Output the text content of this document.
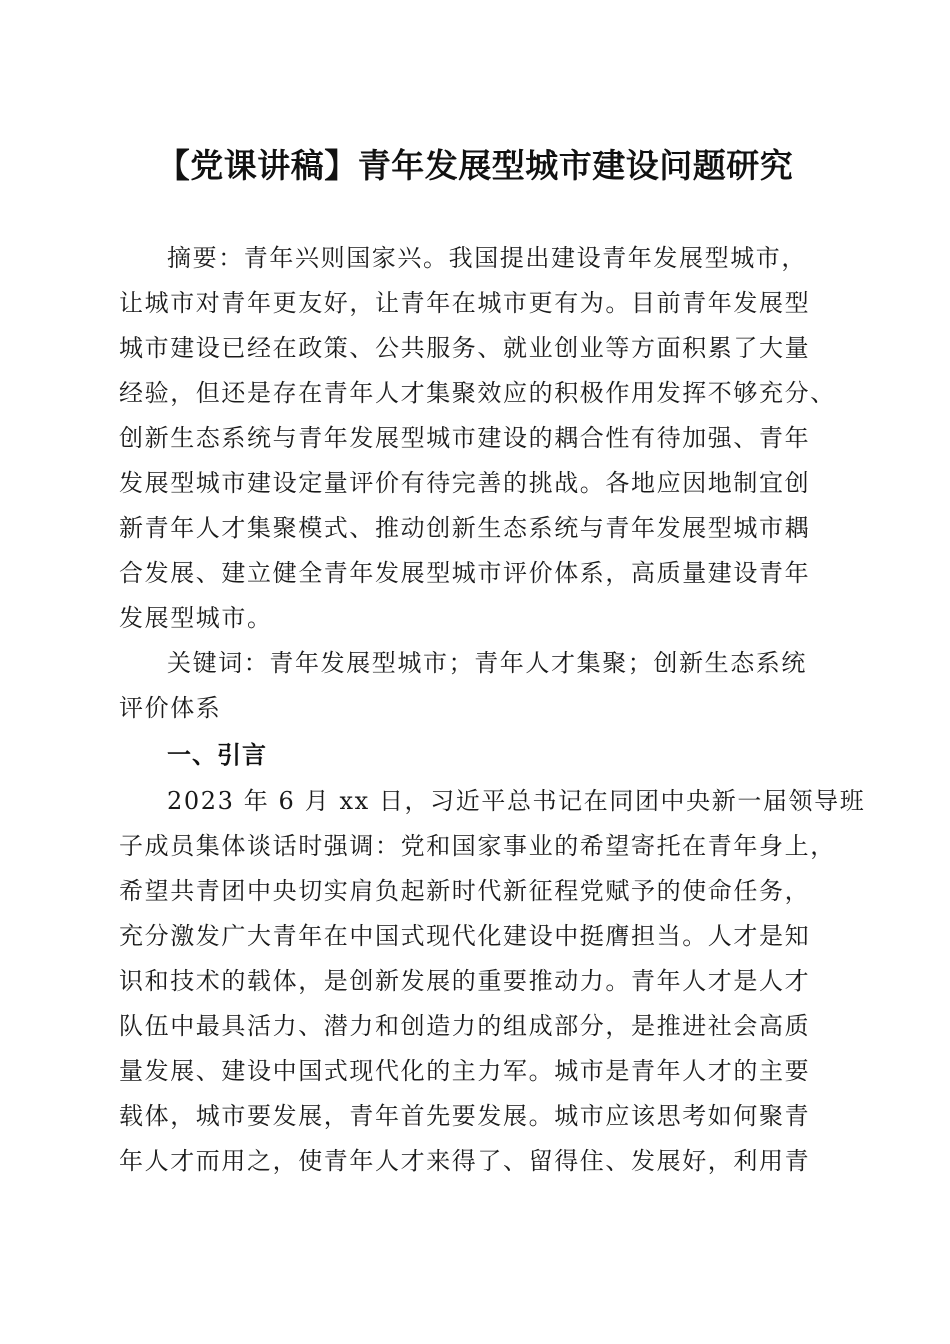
【党课讲稿】青年发展型城市建设问题研究
摘要：青年兴则国家兴。我国提出建设青年发展型城市，
让城市对青年更友好，让青年在城市更有为。目前青年发展型
城市建设已经在政策、公共服务、就业创业等方面积累了大量
经验，但还是存在青年人才集聚效应的积极作用发挥不够充分、
创新生态系统与青年发展型城市建设的耦合性有待加强、青年
发展型城市建设定量评价有待完善的挑战。各地应因地制宜创
新青年人才集聚模式、推动创新生态系统与青年发展型城市耦
合发展、建立健全青年发展型城市评价体系，高质量建设青年
发展型城市。
关键词：青年发展型城市；青年人才集聚；创新生态系统
评价体系
一、引言
2023 年 6 月 xx 日，习近平总书记在同团中央新一届领导班
子成员集体谈话时强调：党和国家事业的希望寄托在青年身上，
希望共青团中央切实肩负起新时代新征程党赋予的使命任务，
充分激发广大青年在中国式现代化建设中挺膺担当。人才是知
识和技术的载体，是创新发展的重要推动力。青年人才是人才
队伍中最具活力、潜力和创造力的组成部分，是推进社会高质
量发展、建设中国式现代化的主力军。城市是青年人才的主要
载体，城市要发展，青年首先要发展。城市应该思考如何聚青
年人才而用之，使青年人才来得了、留得住、发展好，利用青
